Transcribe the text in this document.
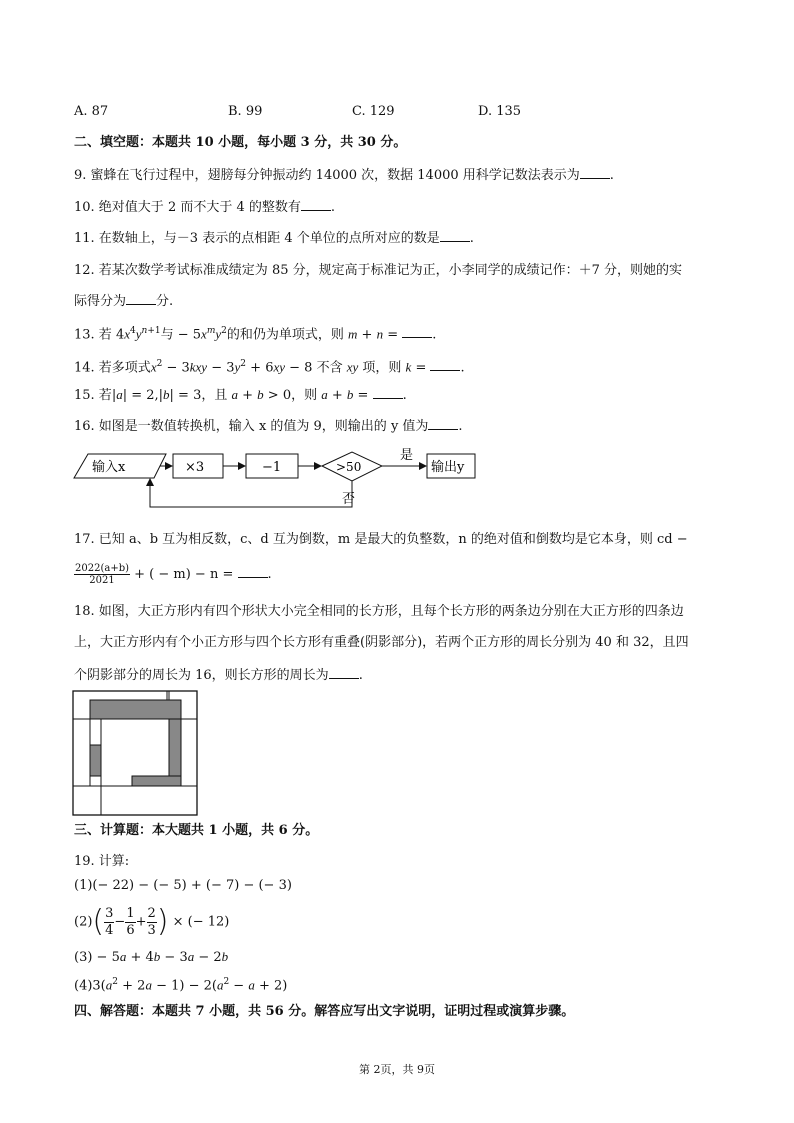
A. 87	B. 99	C. 129	D. 135
二、填空题：本题共 10 小题，每小题 3 分，共 30 分。
9. 蜜蜂在飞行过程中，翅膀每分钟振动约 14000 次，数据 14000 用科学记数法表示为 .
10. 绝对值大于 2 而不大于 4 的整数有 .
11. 在数轴上，与－3 表示的点相距 4 个单位的点所对应的数是 .
12. 若某次数学考试标准成绩定为 85 分，规定高于标准记为正，小李同学的成绩记作：＋7 分，则她的实
际得分为 分.
13. 若 $4x^4y^{n+1}$与 − $5x^my^2$的和仍为单项式，则 m + n = .
14. 若多项式$x^2 - 3kxy - 3y^2 + 6xy - 8$ 不含 xy 项，则 k = .
15. 若|a| = 2,|b| = 3，且 a + b > 0，则 a + b = .
16. 如图是一数值转换机，输入 x 的值为 9，则输出的 y 值为 .
输入x	×3	−1	>50
是
否
输出y
17. 已知 a、b 互为相反数，c、d 互为倒数，m 是最大的负整数，n 的绝对值和倒数均是它本身，则 cd −
$\frac{2022(a+b)}{2021}$ + ( − m) − n =	.
18. 如图，大正方形内有四个形状大小完全相同的长方形，且每个长方形的两条边分别在大正方形的四条边
上，大正方形内有个小正方形与四个长方形有重叠(阴影部分)，若两个正方形的周长分别为 40 和 32，且四
个阴影部分的周长为 16，则长方形的周长为 .
三、计算题：本大题共 1 小题，共 6 分。
19. 计算:
(1)(− 22) − (− 5) + (− 7) − (− 3)
$(2)( \frac{3}{4} - \frac{1}{6} + \frac{2}{3}$ ) × (− 12)
(3) − 5a + 4b − 3a − 2b
$(4)3(a^2 + 2a - 1) - 2(a^2 - a + 2)$
四、解答题：本题共 7 小题，共 56 分。解答应写出文字说明，证明过程或演算步骤。
第 2页，共 9页
